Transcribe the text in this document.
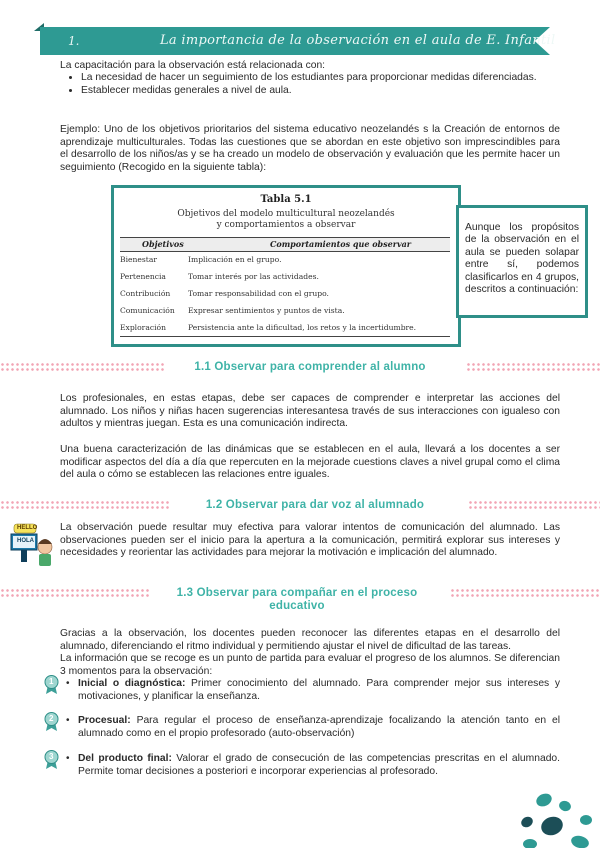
1.	La importancia de la observación en el aula de E. Infantil

La capacitación para la observación está relacionada con:

• La necesidad de hacer un seguimiento de los estudiantes para proporcionar medidas diferenciadas.
• Establecer medidas generales a nivel de aula.

Ejemplo: Uno de los objetivos prioritarios del sistema educativo neozelandés s la Creación de entornos de aprendizaje multiculturales. Todas las cuestiones que se abordan en este objetivo son imprescindibles para el desarrollo de los niños/as y se ha creado un modelo de observación y evaluación que les permite hacer un seguimiento (Recogido en la siguiente tabla):

Tabla 5.1
Objetivos del modelo multicultural neozelandés
y comportamientos a observar
Objetivos	Comportamientos que observar
Bienestar	Implicación en el grupo.
Pertenencia	Tomar interés por las actividades.
Contribución Tomar responsabilidad con el grupo.
Comunicación Expresar sentimientos y puntos de vista.
Exploración	Persistencia ante la dificultad, los retos y la incertidumbre.
Aunque los propósitos de la observación en el aula se pueden solapar entre sí, podemos clasificarlos en 4 grupos, descritos a continuación:
1.1 Observar para comprender al alumno

Los profesionales, en estas etapas, debe ser capaces de comprender e interpretar las acciones del alumnado. Los niños y niñas hacen sugerencias interesantesa través de sus interacciones con igualeso con adultos y mientras juegan. Esta es una comunicación indirecta.

Una buena caracterización de las dinámicas que se establecen en el aula, llevará a los docentes a ser modificar aspectos del día a día que repercuten en la mejorade cuestions claves a nivel grupal como el clima del aula o cómo se establecen las relaciones entre iguales.

1.2 Observar para dar voz al alumnado
HELLO
HOLA

La observación puede resultar muy efectiva para valorar intentos de comunicación del alumnado. Las observaciones pueden ser el inicio para la apertura a la comunicación, permitirá explorar sus intereses y necesidades y reorientar las actividades para mejorar la motivación e implicación del alumnado.

1.3 Observar para compañar en el proceso
educativo

Gracias a la observación, los docentes pueden reconocer las diferentes etapas en el desarrollo del alumnado, diferenciando el ritmo individual y permitiendo ajustar el nivel de dificultad de las tareas.

La información que se recoge es un punto de partida para evaluar el progreso de los alumnos. Se diferencian 3 momentos para la observación:

1 • Inicial o diagnóstica: Primer conocimiento del alumnado. Para comprender mejor sus intereses y motivaciones, y planificar la enseñanza.

2 • Procesual: Para regular el proceso de enseñanza-aprendizaje focalizando la atención tanto en el alumnado como en el propio profesorado (auto-observación)

3 • Del producto final: Valorar el grado de consecución de las competencias prescritas en el alumnado. Permite tomar decisiones a posteriori e incorporar experiencias al profesorado.
